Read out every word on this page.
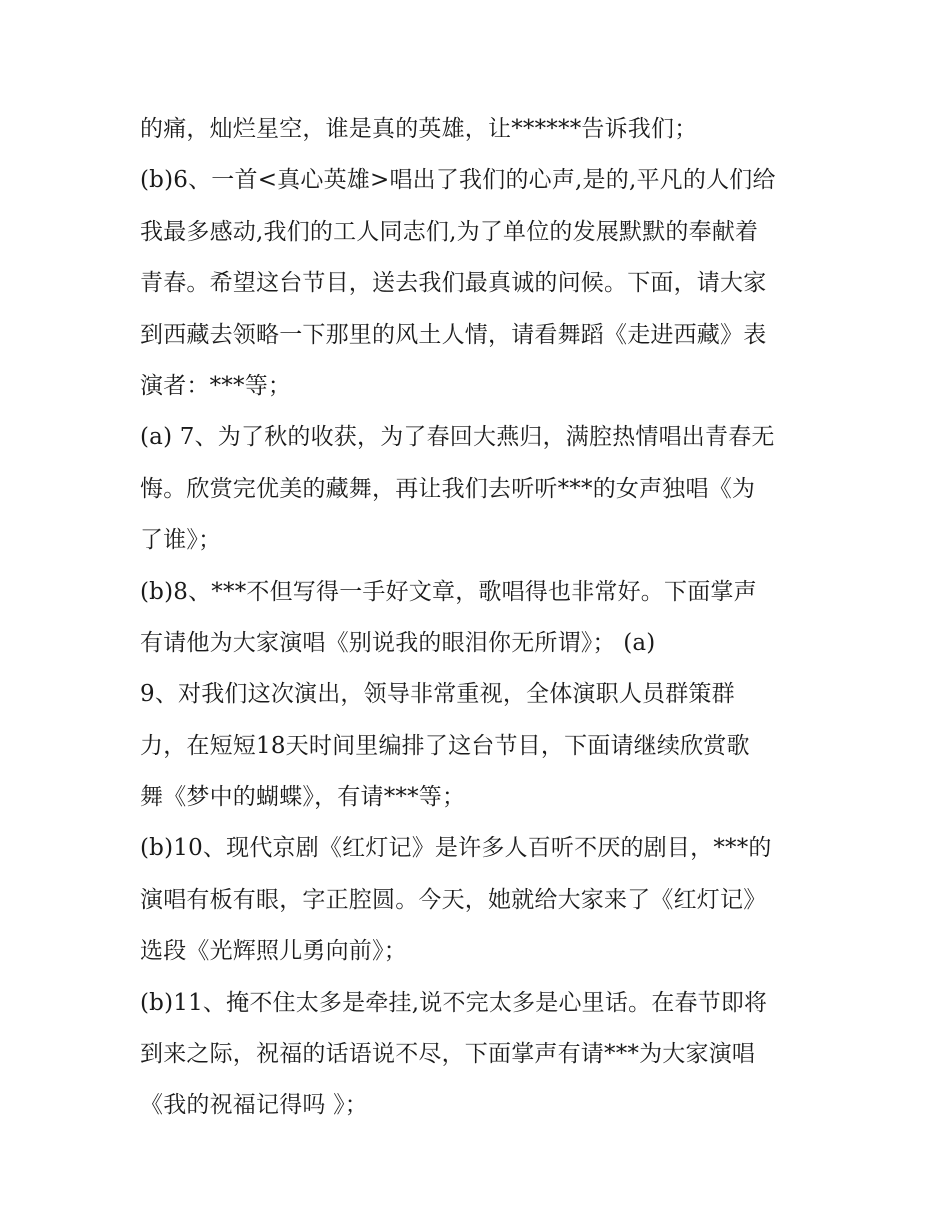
的痛，灿烂星空，谁是真的英雄，让******告诉我们；
(b)6、一首<真心英雄>唱出了我们的心声,是的,平凡的人们给
我最多感动,我们的工人同志们,为了单位的发展默默的奉献着
青春。希望这台节目，送去我们最真诚的问候。下面，请大家
到西藏去领略一下那里的风土人情，请看舞蹈《走进西藏》表
演者：***等；
(a) 7、为了秋的收获，为了春回大燕归，满腔热情唱出青春无
悔。欣赏完优美的藏舞，再让我们去听听***的女声独唱《为
了谁》；
(b)8、***不但写得一手好文章，歌唱得也非常好。下面掌声
有请他为大家演唱《别说我的眼泪你无所谓》； (a)
9、对我们这次演出，领导非常重视，全体演职人员群策群
力，在短短18天时间里编排了这台节目，下面请继续欣赏歌
舞《梦中的蝴蝶》，有请***等；
(b)10、现代京剧《红灯记》是许多人百听不厌的剧目，***的
演唱有板有眼，字正腔圆。今天，她就给大家来了《红灯记》
选段《光辉照儿勇向前》；
(b)11、掩不住太多是牵挂,说不完太多是心里话。在春节即将
到来之际，祝福的话语说不尽，下面掌声有请***为大家演唱
《我的祝福记得吗 》；
